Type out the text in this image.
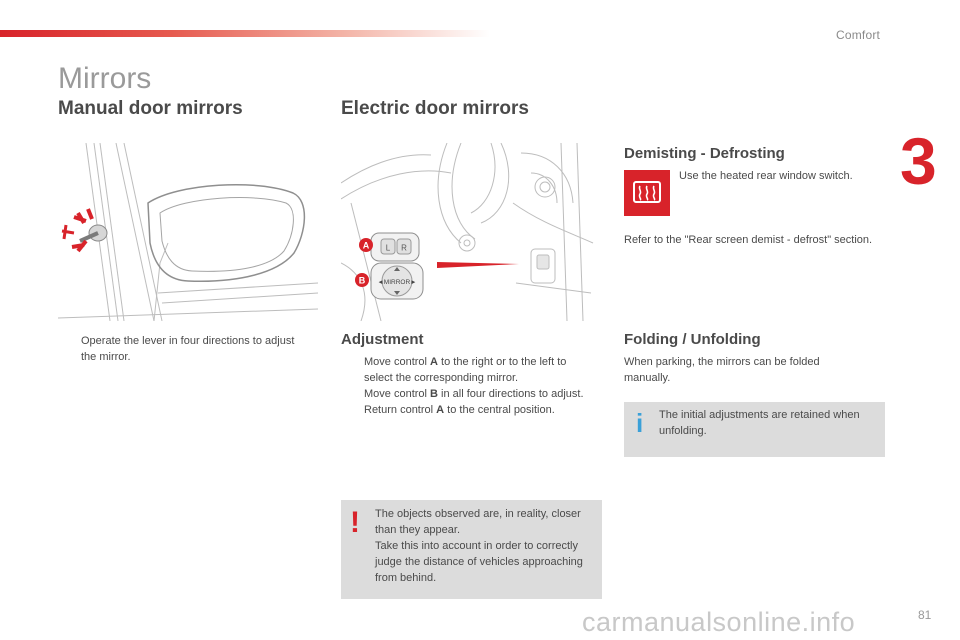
Comfort
3
Mirrors
Manual door mirrors
Operate the lever in four directions to adjust the mirror.
Electric door mirrors
L R
◄MIRROR►
A
B
Adjustment
Move control A to the right or to the left to select the corresponding mirror.
Move control B in all four directions to adjust.
Return control A to the central position.
! The objects observed are, in reality, closer than they appear.
Take this into account in order to correctly judge the distance of vehicles approaching from behind.
Demisting - Defrosting
Use the heated rear window switch.
Refer to the "Rear screen demist - defrost" section.
Folding / Unfolding
When parking, the mirrors can be folded manually.
i The initial adjustments are retained when unfolding.
carmanualsonline.info	81
